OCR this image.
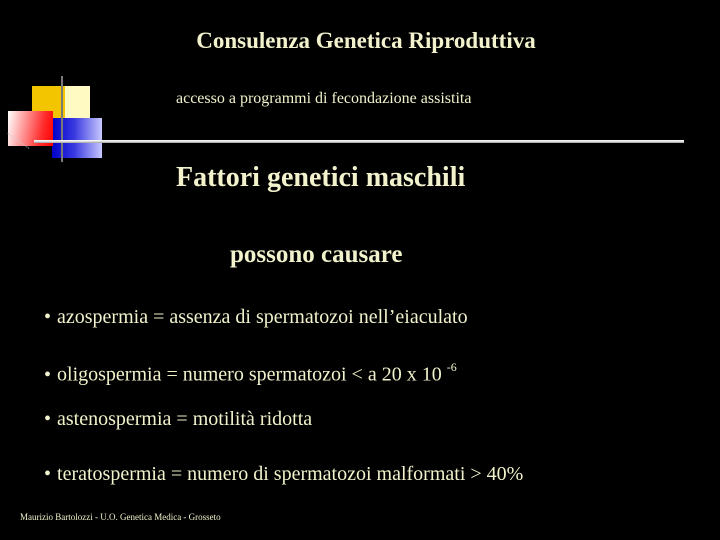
Consulenza Genetica Riproduttiva
accesso a programmi di fecondazione assistita
Fattori genetici maschili
possono causare
• azospermia = assenza di spermatozoi nell’eiaculato
• oligospermia = numero spermatozoi < a 20 x 10 $^{-6}$
• astenospermia = motilità ridotta
• teratospermia = numero di spermatozoi malformati > 40%
Maurizio Bartolozzi - U.O. Genetica Medica - Grosseto
